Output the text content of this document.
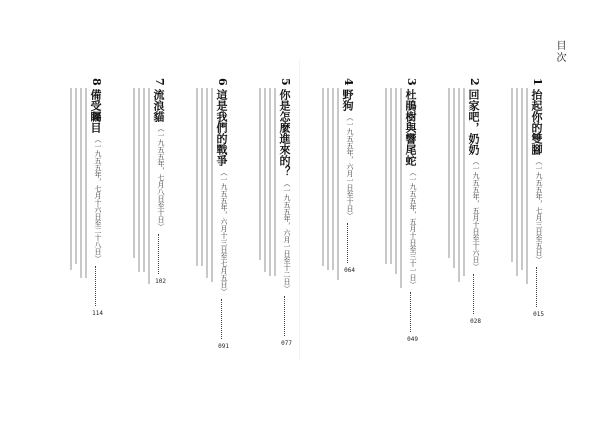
目次
1
抬起你的雙腳
（一九五五年，七月三日至五日）
015
2
回家吧，奶奶
（一九五五年，五月十日至十六日）
028
3
杜鵑樹與響尾蛇
（一九五五年，五月十日至三十一日）
049
4
野狗
（一九五五年，六月一日至十日）
064
5
你是怎麼進來的？
（一九五五年，六月一日至十二日）
077
6
這是我們的戰爭
（一九五五年，六月十三日至七月五日）
091
7
流浪貓
（一九五五年，七月八日至十日）
102
8
備受矚目
（一九五五年，七月十六日至二十八日）
114
